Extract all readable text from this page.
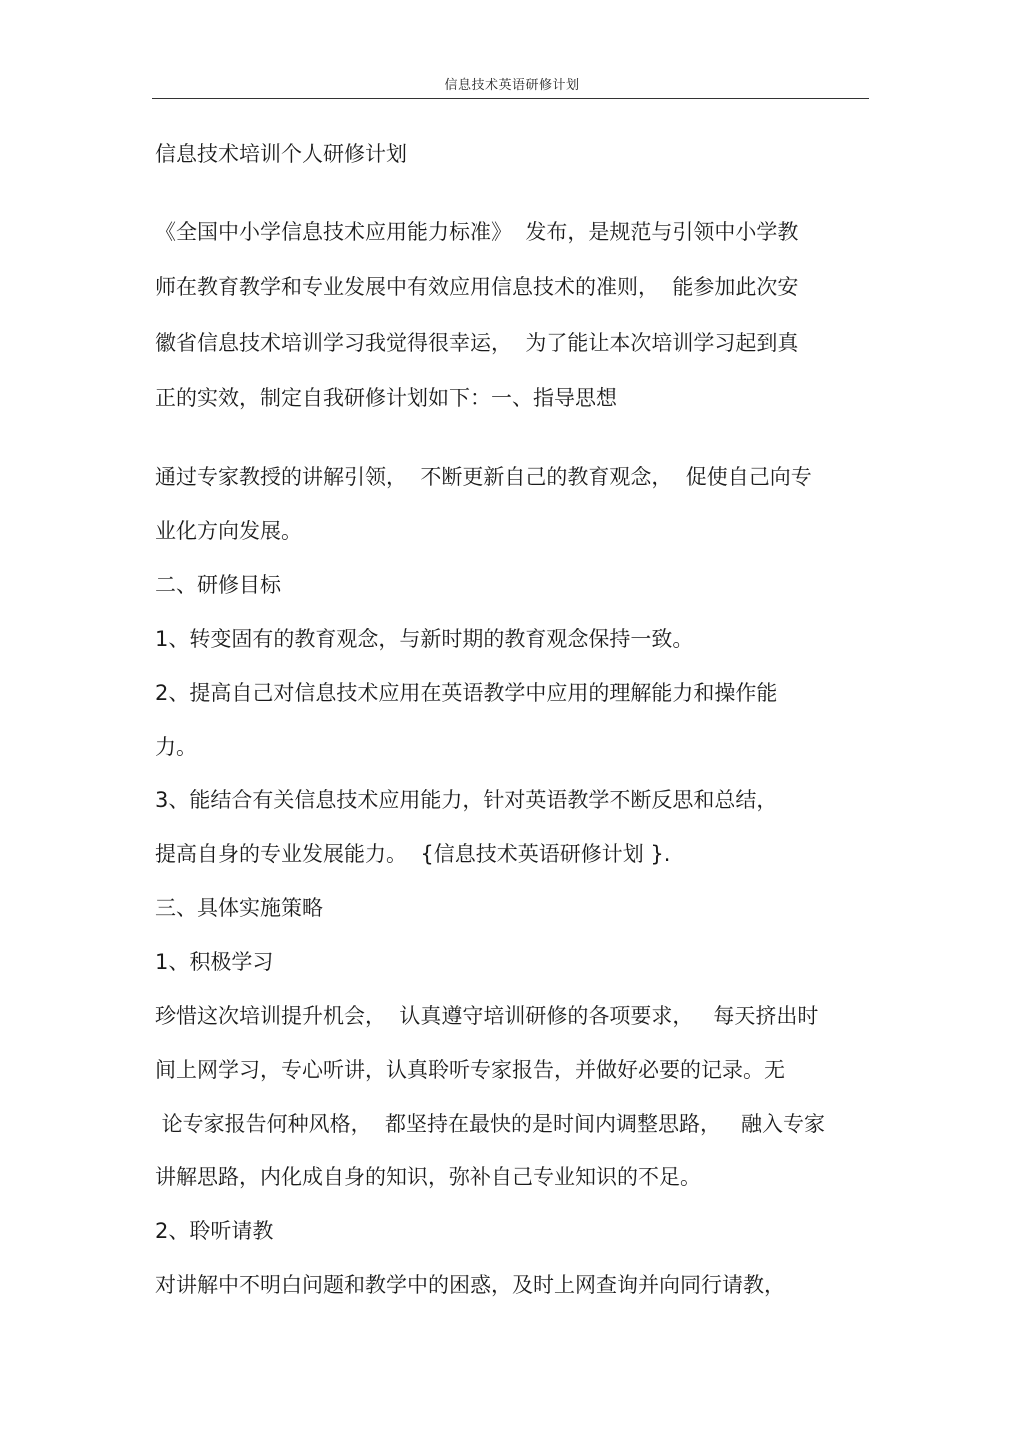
信息技术英语研修计划
信息技术培训个人研修计划
《全国中小学信息技术应用能力标准》  发布，是规范与引领中小学教
师在教育教学和专业发展中有效应用信息技术的准则，  能参加此次安
徽省信息技术培训学习我觉得很幸运，  为了能让本次培训学习起到真
正的实效，制定自我研修计划如下：一、指导思想
通过专家教授的讲解引领，  不断更新自己的教育观念，  促使自己向专
业化方向发展。
二、研修目标
1、转变固有的教育观念，与新时期的教育观念保持一致。
2、提高自己对信息技术应用在英语教学中应用的理解能力和操作能
力。
3、能结合有关信息技术应用能力，针对英语教学不断反思和总结，
提高自身的专业发展能力。  {信息技术英语研修计划 }.
三、具体实施策略
1、积极学习
珍惜这次培训提升机会，  认真遵守培训研修的各项要求，   每天挤出时
间上网学习，专心听讲，认真聆听专家报告，并做好必要的记录。无
论专家报告何种风格，  都坚持在最快的是时间内调整思路，   融入专家
讲解思路，内化成自身的知识，弥补自己专业知识的不足。
2、聆听请教
对讲解中不明白问题和教学中的困惑，及时上网查询并向同行请教，
